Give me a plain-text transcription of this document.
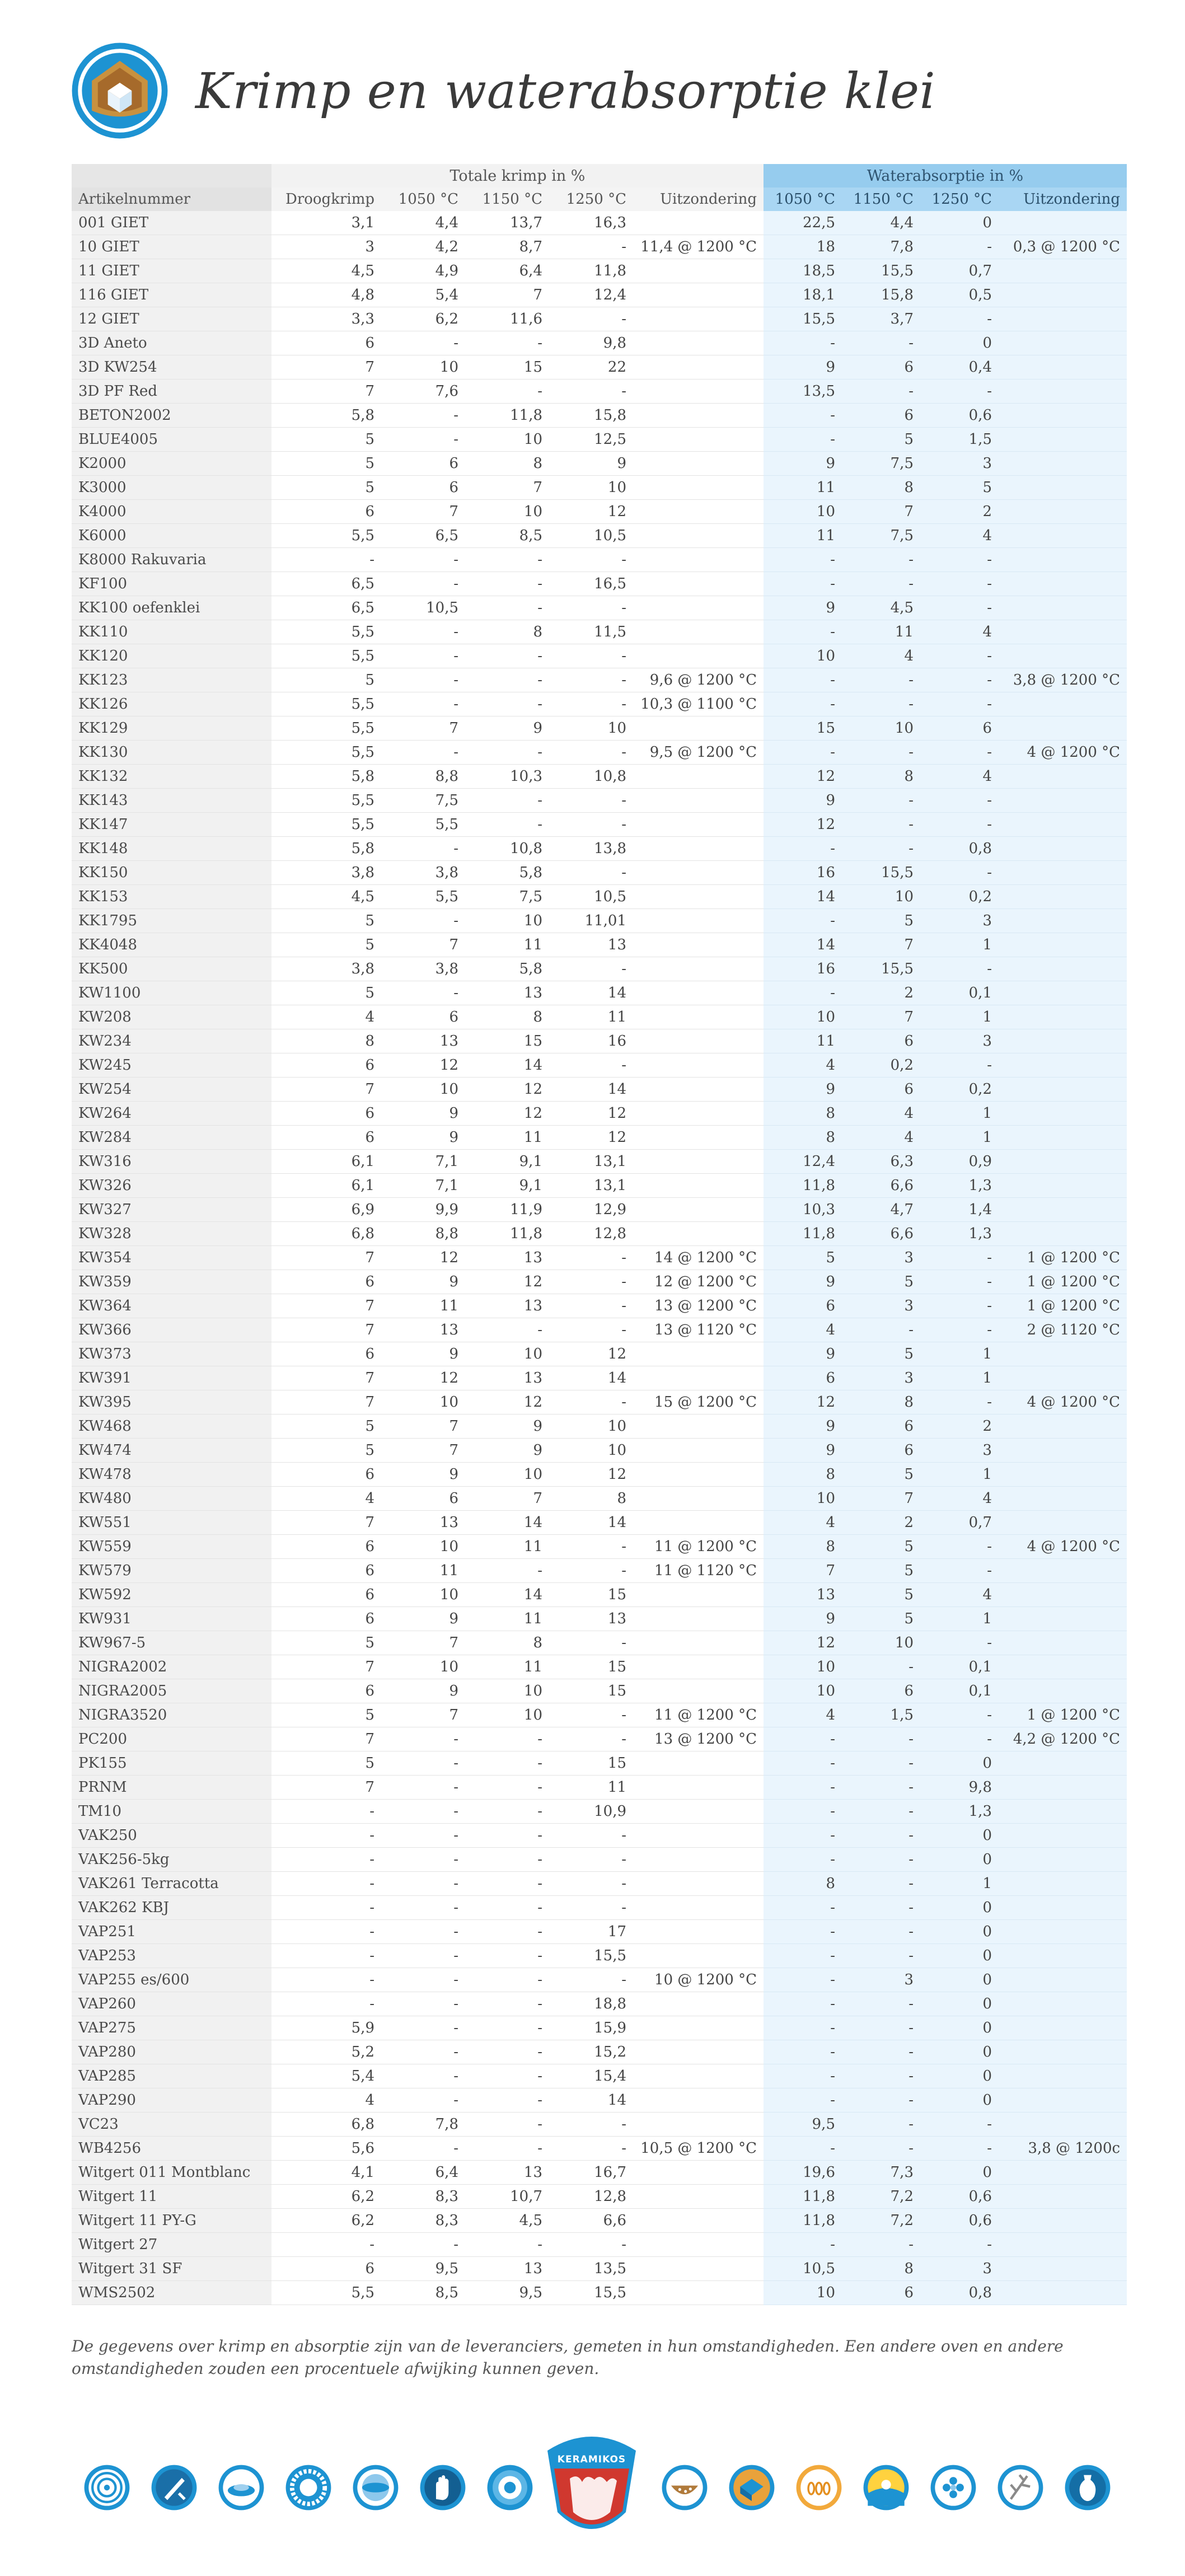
Krimp en waterabsorptie klei
	Totale krimp in %					Waterabsorptie in %			
Artikelnummer	Droogkrimp	1050 °C	1150 °C	1250 °C	Uitzondering	1050 °C	1150 °C	1250 °C	Uitzondering
001 GIET	3,1	4,4	13,7	16,3		22,5	4,4	0	
10 GIET	3	4,2	8,7	-	11,4 @ 1200 °C	18	7,8	-	0,3 @ 1200 °C
11 GIET	4,5	4,9	6,4	11,8		18,5	15,5	0,7	
116 GIET	4,8	5,4	7	12,4		18,1	15,8	0,5	
12 GIET	3,3	6,2	11,6	-		15,5	3,7	-	
3D Aneto	6	-	-	9,8		-	-	0	
3D KW254	7	10	15	22		9	6	0,4	
3D PF Red	7	7,6	-	-		13,5	-	-	
BETON2002	5,8	-	11,8	15,8		-	6	0,6	
BLUE4005	5	-	10	12,5		-	5	1,5	
K2000	5	6	8	9		9	7,5	3	
K3000	5	6	7	10		11	8	5	
K4000	6	7	10	12		10	7	2	
K6000	5,5	6,5	8,5	10,5		11	7,5	4	
K8000 Rakuvaria	-	-	-	-		-	-	-	
KF100	6,5	-	-	16,5		-	-	-	
KK100 oefenklei	6,5	10,5	-	-		9	4,5	-	
KK110	5,5	-	8	11,5		-	11	4	
KK120	5,5	-	-	-		10	4	-	
KK123	5	-	-	-	9,6 @ 1200 °C	-	-	-	3,8 @ 1200 °C
KK126	5,5	-	-	-	10,3 @ 1100 °C	-	-	-	
KK129	5,5	7	9	10		15	10	6	
KK130	5,5	-	-	-	9,5 @ 1200 °C	-	-	-	4 @ 1200 °C
KK132	5,8	8,8	10,3	10,8		12	8	4	
KK143	5,5	7,5	-	-		9	-	-	
KK147	5,5	5,5	-	-		12	-	-	
KK148	5,8	-	10,8	13,8		-	-	0,8	
KK150	3,8	3,8	5,8	-		16	15,5	-	
KK153	4,5	5,5	7,5	10,5		14	10	0,2	
KK1795	5	-	10	11,01		-	5	3	
KK4048	5	7	11	13		14	7	1	
KK500	3,8	3,8	5,8	-		16	15,5	-	
KW1100	5	-	13	14		-	2	0,1	
KW208	4	6	8	11		10	7	1	
KW234	8	13	15	16		11	6	3	
KW245	6	12	14	-		4	0,2	-	
KW254	7	10	12	14		9	6	0,2	
KW264	6	9	12	12		8	4	1	
KW284	6	9	11	12		8	4	1	
KW316	6,1	7,1	9,1	13,1		12,4	6,3	0,9	
KW326	6,1	7,1	9,1	13,1		11,8	6,6	1,3	
KW327	6,9	9,9	11,9	12,9		10,3	4,7	1,4	
KW328	6,8	8,8	11,8	12,8		11,8	6,6	1,3	
KW354	7	12	13	-	14 @ 1200 °C	5	3	-	1 @ 1200 °C
KW359	6	9	12	-	12 @ 1200 °C	9	5	-	1 @ 1200 °C
KW364	7	11	13	-	13 @ 1200 °C	6	3	-	1 @ 1200 °C
KW366	7	13	-	-	13 @ 1120 °C	4	-	-	2 @ 1120 °C
KW373	6	9	10	12		9	5	1	
KW391	7	12	13	14		6	3	1	
KW395	7	10	12	-	15 @ 1200 °C	12	8	-	4 @ 1200 °C
KW468	5	7	9	10		9	6	2	
KW474	5	7	9	10		9	6	3	
KW478	6	9	10	12		8	5	1	
KW480	4	6	7	8		10	7	4	
KW551	7	13	14	14		4	2	0,7	
KW559	6	10	11	-	11 @ 1200 °C	8	5	-	4 @ 1200 °C
KW579	6	11	-	-	11 @ 1120 °C	7	5	-	
KW592	6	10	14	15		13	5	4	
KW931	6	9	11	13		9	5	1	
KW967-5	5	7	8	-		12	10	-	
NIGRA2002	7	10	11	15		10	-	0,1	
NIGRA2005	6	9	10	15		10	6	0,1	
NIGRA3520	5	7	10	-	11 @ 1200 °C	4	1,5	-	1 @ 1200 °C
PC200	7	-	-	-	13 @ 1200 °C	-	-	-	4,2 @ 1200 °C
PK155	5	-	-	15		-	-	0	
PRNM	7	-	-	11		-	-	9,8	
TM10	-	-	-	10,9		-	-	1,3	
VAK250	-	-	-	-		-	-	0	
VAK256-5kg	-	-	-	-		-	-	0	
VAK261 Terracotta	-	-	-	-		8	-	1	
VAK262 KBJ	-	-	-	-		-	-	0	
VAP251	-	-	-	17		-	-	0	
VAP253	-	-	-	15,5		-	-	0	
VAP255 es/600	-	-	-	-	10 @ 1200 °C	-	3	0	
VAP260	-	-	-	18,8		-	-	0	
VAP275	5,9	-	-	15,9		-	-	0	
VAP280	5,2	-	-	15,2		-	-	0	
VAP285	5,4	-	-	15,4		-	-	0	
VAP290	4	-	-	14		-	-	0	
VC23	6,8	7,8	-	-		9,5	-	-	
WB4256	5,6	-	-	-	10,5 @ 1200 °C	-	-	-	3,8 @ 1200c
Witgert 011 Montblanc	4,1	6,4	13	16,7		19,6	7,3	0	
Witgert 11	6,2	8,3	10,7	12,8		11,8	7,2	0,6	
Witgert 11 PY-G	6,2	8,3	4,5	6,6		11,8	7,2	0,6	
Witgert 27	-	-	-	-		-	-	-	
Witgert 31 SF	6	9,5	13	13,5		10,5	8	3	
WMS2502	5,5	8,5	9,5	15,5		10	6	0,8	
De gegevens over krimp en absorptie zijn van de leveranciers, gemeten in hun omstandigheden. Een andere oven en andere omstandigheden zouden een procentuele afwijking kunnen geven.
KERAMIKOS
